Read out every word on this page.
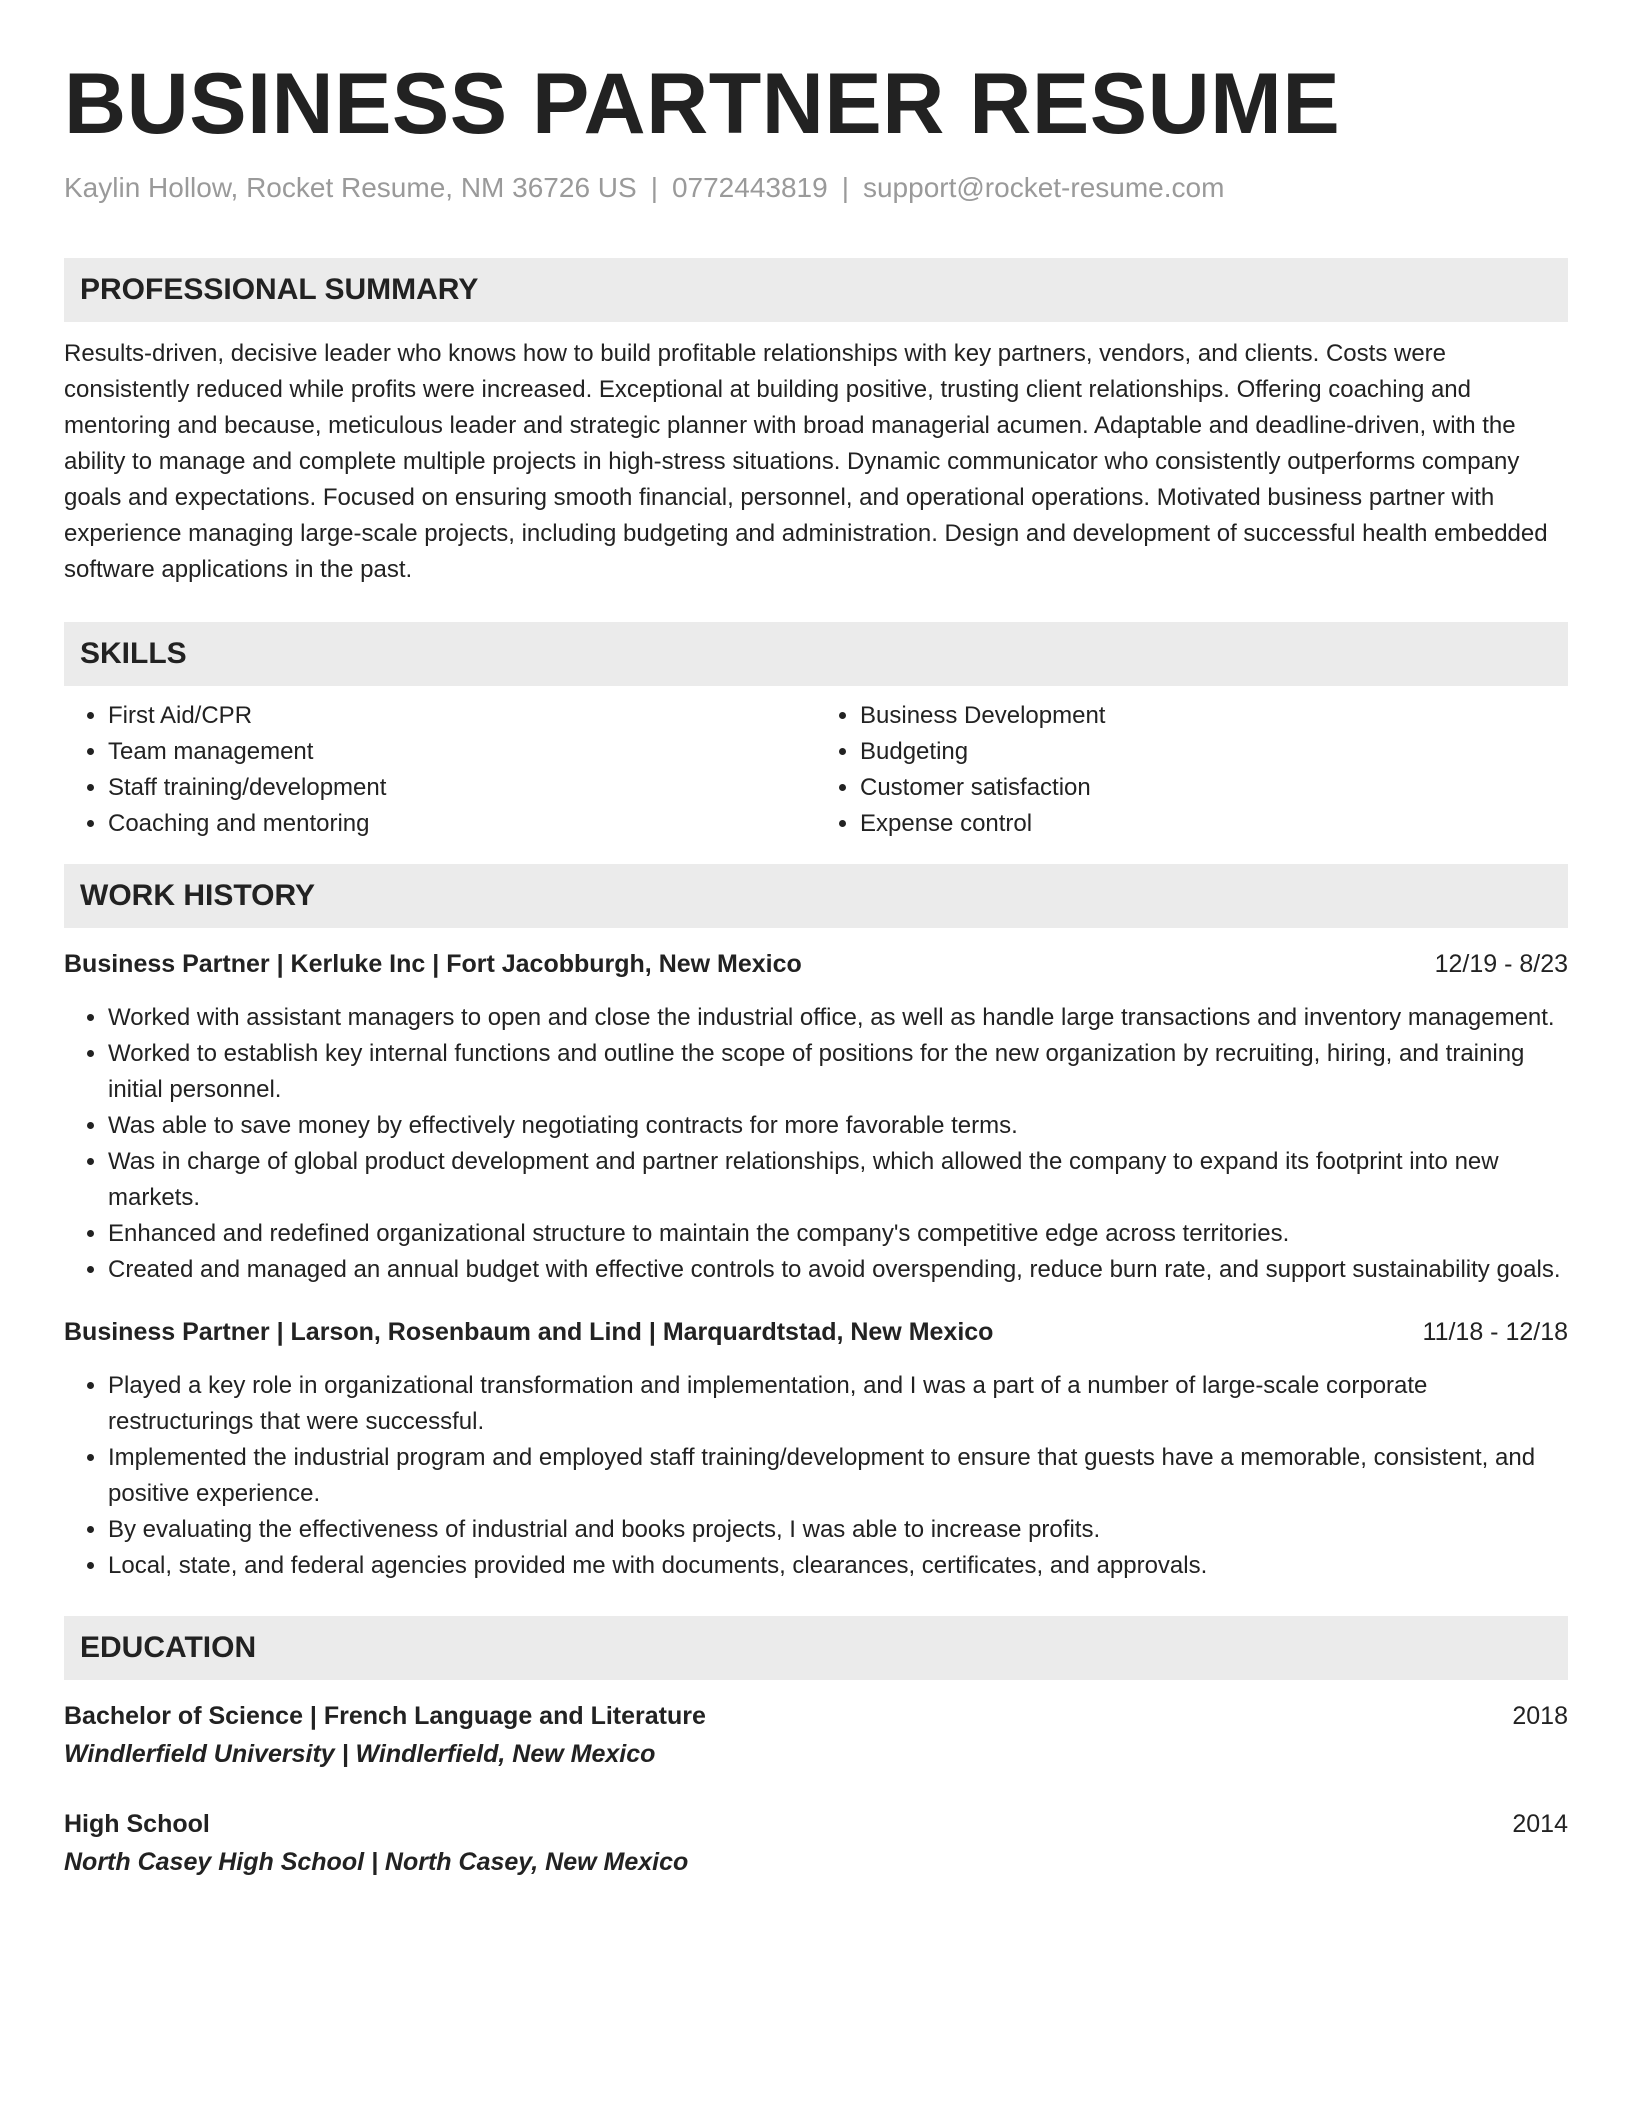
BUSINESS PARTNER RESUME
Kaylin Hollow, Rocket Resume, NM 36726 US | 0772443819 | support@rocket-resume.com
PROFESSIONAL SUMMARY

Results-driven, decisive leader who knows how to build profitable relationships with key partners, vendors, and clients. Costs were consistently reduced while profits were increased. Exceptional at building positive, trusting client relationships. Offering coaching and mentoring and because, meticulous leader and strategic planner with broad managerial acumen. Adaptable and deadline-driven, with the ability to manage and complete multiple projects in high-stress situations. Dynamic communicator who consistently outperforms company goals and expectations. Focused on ensuring smooth financial, personnel, and operational operations. Motivated business partner with experience managing large-scale projects, including budgeting and administration. Design and development of successful health embedded software applications in the past.

SKILLS
• First Aid/CPR
• Team management
• Staff training/development
• Coaching and mentoring
• Business Development
• Budgeting
• Customer satisfaction
• Expense control
WORK HISTORY
Business Partner | Kerluke Inc | Fort Jacobburgh, New Mexico	12/19 - 8/23
• Worked with assistant managers to open and close the industrial office, as well as handle large transactions and inventory management.
• Worked to establish key internal functions and outline the scope of positions for the new organization by recruiting, hiring, and training initial personnel.
• Was able to save money by effectively negotiating contracts for more favorable terms.
• Was in charge of global product development and partner relationships, which allowed the company to expand its footprint into new markets.
• Enhanced and redefined organizational structure to maintain the company's competitive edge across territories.
• Created and managed an annual budget with effective controls to avoid overspending, reduce burn rate, and support sustainability goals.
Business Partner | Larson, Rosenbaum and Lind | Marquardtstad, New Mexico	11/18 - 12/18
• Played a key role in organizational transformation and implementation, and I was a part of a number of large-scale corporate restructurings that were successful.
• Implemented the industrial program and employed staff training/development to ensure that guests have a memorable, consistent, and positive experience.
• By evaluating the effectiveness of industrial and books projects, I was able to increase profits.
• Local, state, and federal agencies provided me with documents, clearances, certificates, and approvals.
EDUCATION
Bachelor of Science | French Language and Literature	2018
Windlerfield University | Windlerfield, New Mexico
High School	2014
North Casey High School | North Casey, New Mexico
